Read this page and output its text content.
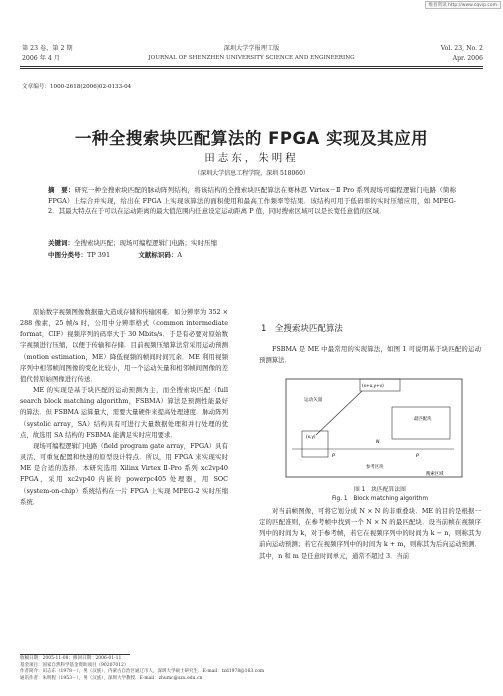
维普资讯 http://www.cqvip.com
第 23 卷，第 2 期
2006 年 4 月
深圳大学学报理工版
JOURNAL OF SHENZHEN UNIVERSITY SCIENCE AND ENGINEERING
Vol. 23, No. 2
Apr. 2006
文章编号：1000-2618(2006)02-0133-04
一种全搜索块匹配算法的 FPGA 实现及其应用
田志东，朱明程
（深圳大学信息工程学院，深圳 518060）
摘　要：研究一种全搜索块匹配的脉动阵列结构，将该结构的全搜索块匹配算法在赛林思 Virtex－Ⅱ Pro 系列现场可编程逻辑门电路（简称 FPGA）上综合并实现，给出在 FPGA 上实现该算法的面积使用和最高工作频率等结果．该结构可用于低码率的实时压缩应用，如 MPEG-2．其最大特点在于可以在运动距离的最大值范围内任意设定运动距离 P 值，同时搜索区域可以是长宽任意值的区域．
关键词：全搜索块匹配；现场可编程逻辑门电路；实时压缩
中图分类号：TP 391	文献标识码：A

原始数字视频图像数据量大造成存储和传输困难．如分辨率为 352 × 288 像素，25 帧/s 时，公用中分辨率格式（common intermediate format，CIF）视频序列的码率大于 30 Mbits/s．于是有必要对原始数字视频进行压缩，以便于传输和存储．目前视频压缩算法常采用运动预测（motion estimation，ME）降低视频的帧间时间冗余．ME 利用视频序列中相邻帧间图像的变化比较小，用一个运动矢量和相邻帧间图像的差值代替原始图像进行传送．

ME 的实现是基于块匹配的运动预测为主，而全搜索块匹配（full search block matching algorithm，FSBMA）算法是预测性能最好的算法．但 FSBMA 运算量大，需要大量硬件来提高处理速度．脉动阵列（systolic array，SA）结构具有可进行大量数据处理和并行处理的优点，故选用 SA 结构的 FSBMA 能满足实时应用要求．

现场可编程逻辑门电路（field program gate array，FPGA）具有灵活、可重复配置和快速的原型设计特点．所以，用 FPGA 来实现实时 ME 是合适的选择．本研究选用 Xilinx Virtex Ⅱ-Pro 系列 xc2vp40 FPGA，采用 xc2vp40 内嵌的 powerpc405 处理器，用 SOC（system-on-chip）系统结构在一片 FPGA 上实现 MPEG-2 实时压缩系统．

1　全搜索块匹配算法

FSBMA 是 ME 中最常用的实现算法，如图 1 可说明基于块匹配的运动预测算法．

(x+u,y+v)
运动矢量
(x,y)
最匹配块
P	P
N
参考区块
搜索区域
图 1　块匹配算法图
Fig. 1　Block matching algorithm

对当前帧图像，可将它划分成 N × N 的非重叠块．ME 的目的是根据一定的匹配准则，在参考帧中找到一个 N × N 的最匹配块．设当前帧在视频序列中的时间为 k，对于参考帧，若它在视频序列中的时间为 k − n，则称其为前向运动预测；若它在视频序列中的时间为 k + m，则称其为后向运动预测．其中，n 和 m 是任意时间单元，通常不超过 3．当前

收稿日期：2005-11-08；修回日期：2006-01-11
基金项目：国家自然科学基金资助项目（90207012）
作者简介：田志东（1978－），男（汉族），内蒙古自治区通辽市人，深圳大学硕士研究生．E-mail：tzd1978@163.com
通讯作者：朱明程（1953－），男（汉族），深圳大学教授．E-mail：zhumc@szu.edu.cn
